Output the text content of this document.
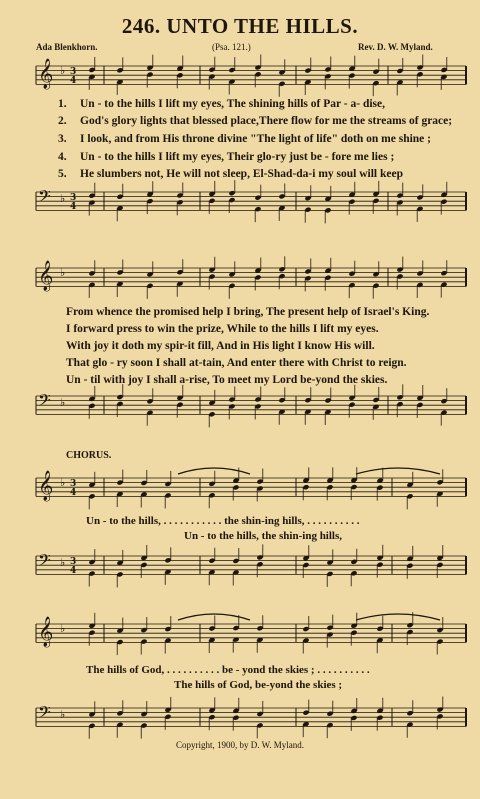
𝄞 ♭ 3
4
𝄢 ♭ 3
4
𝄞 ♭
𝄢 ♭
𝄞 ♭ 3
4
𝄢 ♭ 3
4
𝄞 ♭
𝄢 ♭
246. UNTO THE HILLS.
Ada Blenkhorn.	(Psa. 121.)	Rev. D. W. Myland.
1. Un - to the hills I lift my eyes, The shining hills of Par - a- dise,
2. God's glory lights that blessed place,There flow for me the streams of grace;
3. I look, and from His throne divine "The light of life" doth on me shine ;
4. Un - to the hills I lift my eyes, Their glo-ry just be - fore me lies ;
5. He slumbers not, He will not sleep, El-Shad-da-i my soul will keep
From whence the promised help I bring, The present help of Israel's King.
I forward press to win the prize, While to the hills I lift my eyes.
With joy it doth my spir-it fill, And in His light I know His will.
That glo - ry soon I shall at-tain, And enter there with Christ to reign.
Un - til with joy I shall a-rise, To meet my Lord be-yond the skies.
CHORUS.
Un - to the hills, . . . . . . . . . . . the shin-ing hills, . . . . . . . . . .
Un - to the hills, the shin-ing hills,
The hills of God, . . . . . . . . . . be - yond the skies ; . . . . . . . . . .
The hills of God, be-yond the skies ;
Copyright, 1900, by D. W. Myland.
